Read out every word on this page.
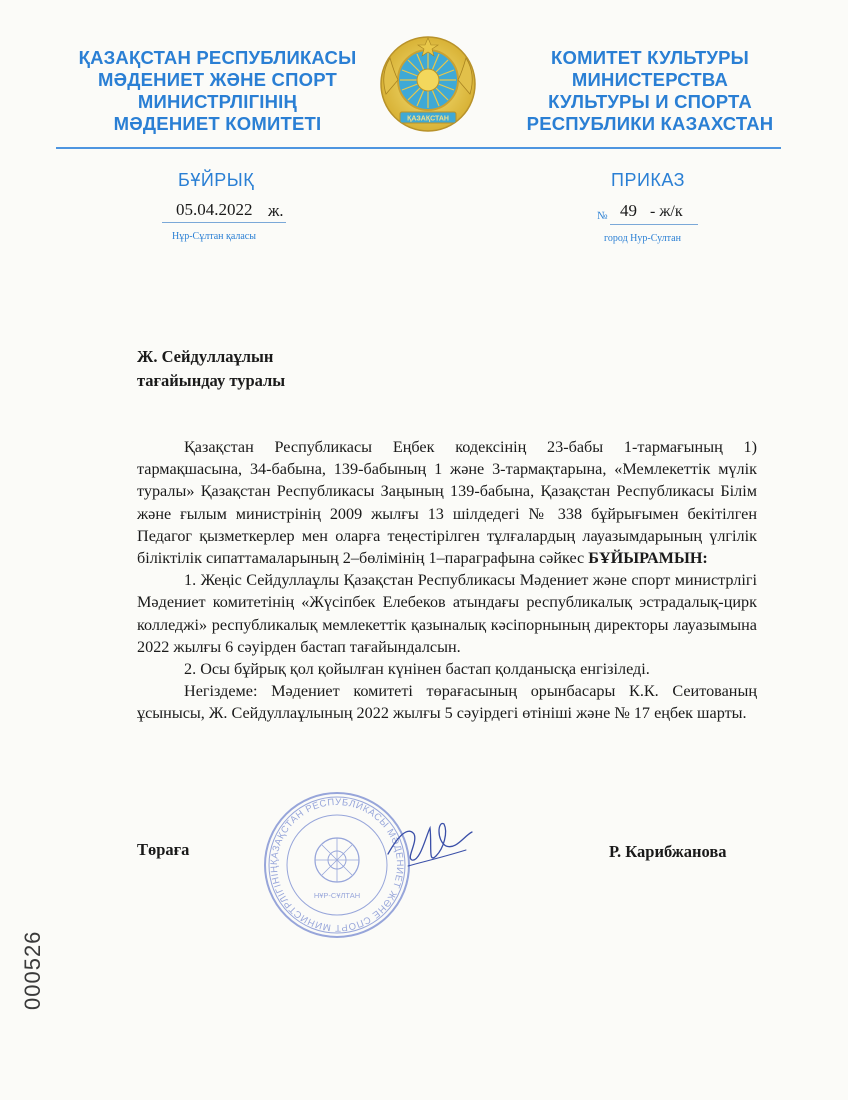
ҚАЗАҚСТАН РЕСПУБЛИКАСЫ
МӘДЕНИЕТ ЖӘНЕ СПОРТ
МИНИСТРЛІГІНІҢ
МӘДЕНИЕТ КОМИТЕТІ	ҚАЗАҚСТАН
КОМИТЕТ КУЛЬТУРЫ
МИНИСТЕРСТВА
КУЛЬТУРЫ И СПОРТА
РЕСПУБЛИКИ КАЗАХСТАН
БҰЙРЫҚ	ПРИКАЗ
05.04.2022 ж.
Нұр-Сұлтан қаласы
№ 49 - ж/к
город Нур-Султан
Ж. Сейдуллаұлын
тағайындау туралы

Қазақстан Республикасы Еңбек кодексінің 23-бабы 1-тармағының 1) тармақшасына, 34-бабына, 139-бабының 1 және 3-тармақтарына, «Мемлекеттік мүлік туралы» Қазақстан Республикасы Заңының 139-бабына, Қазақстан Республикасы Білім және ғылым министрінің 2009 жылғы 13 шілдедегі № 338 бұйрығымен бекітілген Педагог қызметкерлер мен оларға теңестірілген тұлғалардың лауазымдарының үлгілік біліктілік сипаттамаларының 2–бөлімінің 1–параграфына сәйкес БҰЙЫРАМЫН:

1. Жеңіс Сейдуллаұлы Қазақстан Республикасы Мәдениет және спорт министрлігі Мәдениет комитетінің «Жүсіпбек Елебеков атындағы республикалық эстрадалық-цирк колледжі» республикалық мемлекеттік қазыналық кәсіпорнының директоры лауазымына 2022 жылғы 6 сәуірден бастап тағайындалсын.

2. Осы бұйрық қол қойылған күнінен бастап қолданысқа енгізіледі.

Негіздеме: Мәдениет комитеті төрағасының орынбасары К.К. Сеитованың ұсынысы, Ж. Сейдуллаұлының 2022 жылғы 5 сәуірдегі өтініші және № 17 еңбек шарты.

ҚАЗАҚСТАН РЕСПУБЛИКАСЫ МӘДЕНИЕТ ЖӘНЕ СПОРТ МИНИСТРЛІГІНІҢ
НҰР-СҰЛТАН
Төраға	Р. Карибжанова
000526
